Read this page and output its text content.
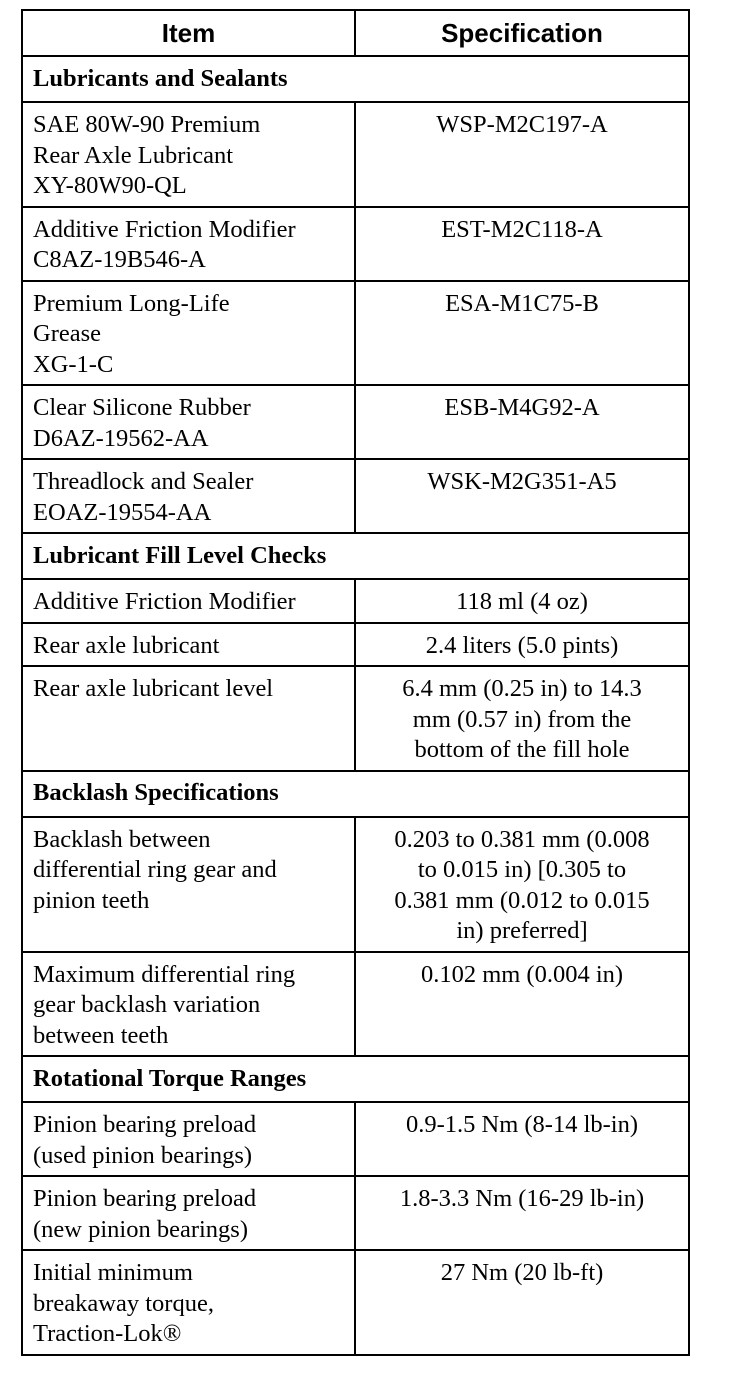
Item	Specification
Lubricants and Sealants	

SAE 80W-90 Premium
Rear Axle Lubricant
XY-80W90-QL	WSP-M2C197-A

Additive Friction Modifier
C8AZ-19B546-A	EST-M2C118-A

Premium Long-Life
Grease
XG-1-C	ESA-M1C75-B

Clear Silicone Rubber
D6AZ-19562-AA	ESB-M4G92-A

Threadlock and Sealer
EOAZ-19554-AA	WSK-M2G351-A5

Lubricant Fill Level Checks	

Additive Friction Modifier	118 ml (4 oz)

Rear axle lubricant	2.4 liters (5.0 pints)

Rear axle lubricant level	6.4 mm (0.25 in) to 14.3
mm (0.57 in) from the
bottom of the fill hole

Backlash Specifications	

Backlash between
differential ring gear and
pinion teeth	0.203 to 0.381 mm (0.008
to 0.015 in) [0.305 to
0.381 mm (0.012 to 0.015
in) preferred]

Maximum differential ring
gear backlash variation
between teeth	0.102 mm (0.004 in)

Rotational Torque Ranges	

Pinion bearing preload
(used pinion bearings)	0.9-1.5 Nm (8-14 lb-in)

Pinion bearing preload
(new pinion bearings)	1.8-3.3 Nm (16-29 lb-in)

Initial minimum
breakaway torque,
Traction-Lok®	27 Nm (20 lb-ft)
